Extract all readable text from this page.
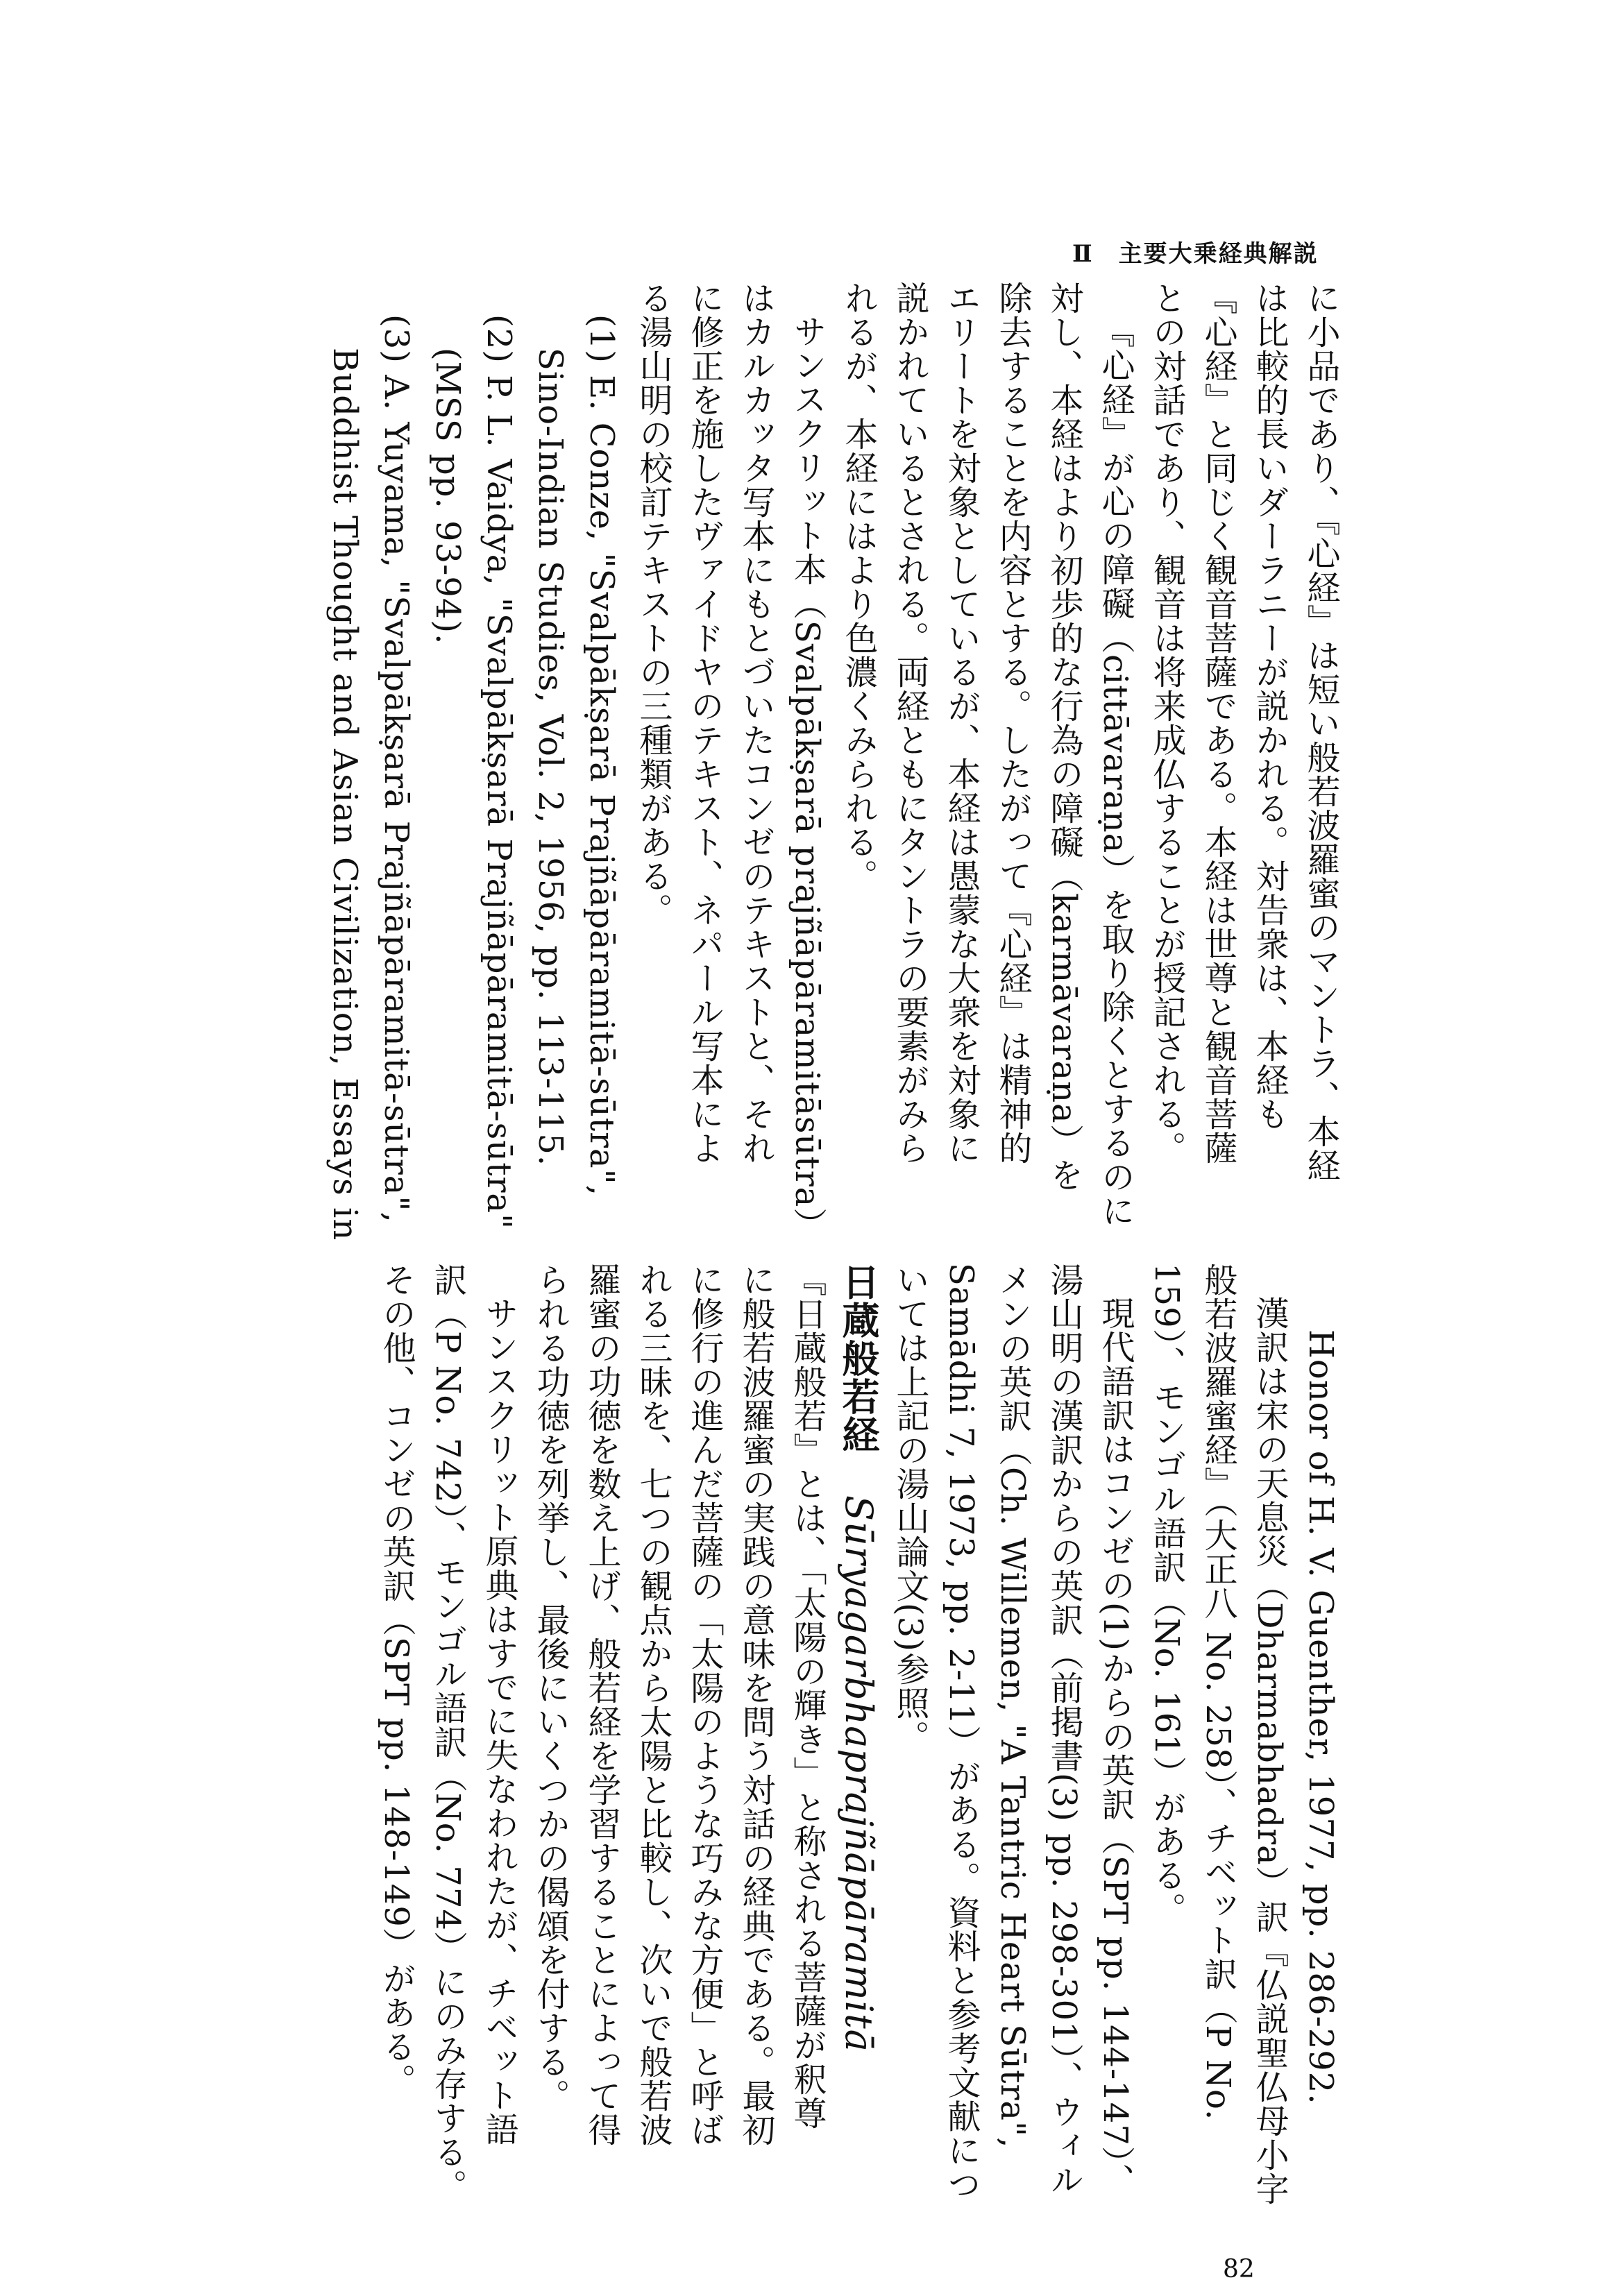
Ⅱ　主要大乗経典解説
に小品であり、『心経』は短い般若波羅蜜のマントラ、本経
は比較的長いダーラニーが説かれる。対告衆は、本経も
『心経』と同じく観音菩薩である。本経は世尊と観音菩薩
との対話であり、観音は将来成仏することが授記される。
『心経』が心の障礙（cittāvaraṇa）を取り除くとするのに
対し、本経はより初歩的な行為の障礙（karmāvaraṇa）を
除去することを内容とする。したがって『心経』は精神的
エリートを対象としているが、本経は愚蒙な大衆を対象に
説かれているとされる。両経ともにタントラの要素がみら
れるが、本経にはより色濃くみられる。
サンスクリット本（Svalpākṣarā prajñāpāramitāsūtra）
はカルカッタ写本にもとづいたコンゼのテキストと、それ
に修正を施したヴァイドヤのテキスト、ネパール写本によ
る湯山明の校訂テキストの三種類がある。
(1) E. Conze, "Svalpākṣarā Prajñāpāramitā-sūtra",
Sino-Indian Studies, Vol. 2, 1956, pp. 113-115.
(2) P. L. Vaidya, "Svalpākṣarā Prajñāpāramitā-sūtra"
(MSS pp. 93-94).
(3) A. Yuyama, "Svalpākṣarā Prajñāpāramitā-sūtra",
Buddhist Thought and Asian Civilization, Essays in
Honor of H. V. Guenther, 1977, pp. 286-292.
漢訳は宋の天息災（Dharmabhadra）訳『仏説聖仏母小字
般若波羅蜜経』（大正八 No. 258）、チベット訳（P No.
159）、モンゴル語訳（No. 161）がある。
現代語訳はコンゼの(1)からの英訳（SPT pp. 144-147）、
湯山明の漢訳からの英訳（前掲書(3) pp. 298-301）、ウィル
メンの英訳（Ch. Willemen, "A Tantric Heart Sūtra",
Samādhi 7, 1973, pp. 2-11）がある。資料と参考文献につ
いては上記の湯山論文(3)参照。
日蔵般若経 Sūryagarbhaprajñāpāramitā
『日蔵般若』とは、「太陽の輝き」と称される菩薩が釈尊
に般若波羅蜜の実践の意味を問う対話の経典である。最初
に修行の進んだ菩薩の「太陽のような巧みな方便」と呼ば
れる三昧を、七つの観点から太陽と比較し、次いで般若波
羅蜜の功徳を数え上げ、般若経を学習することによって得
られる功徳を列挙し、最後にいくつかの偈頌を付する。
サンスクリット原典はすでに失なわれたが、チベット語
訳（P No. 742）、モンゴル語訳（No. 774）にのみ存する。
その他、コンゼの英訳（SPT pp. 148-149）がある。
82
